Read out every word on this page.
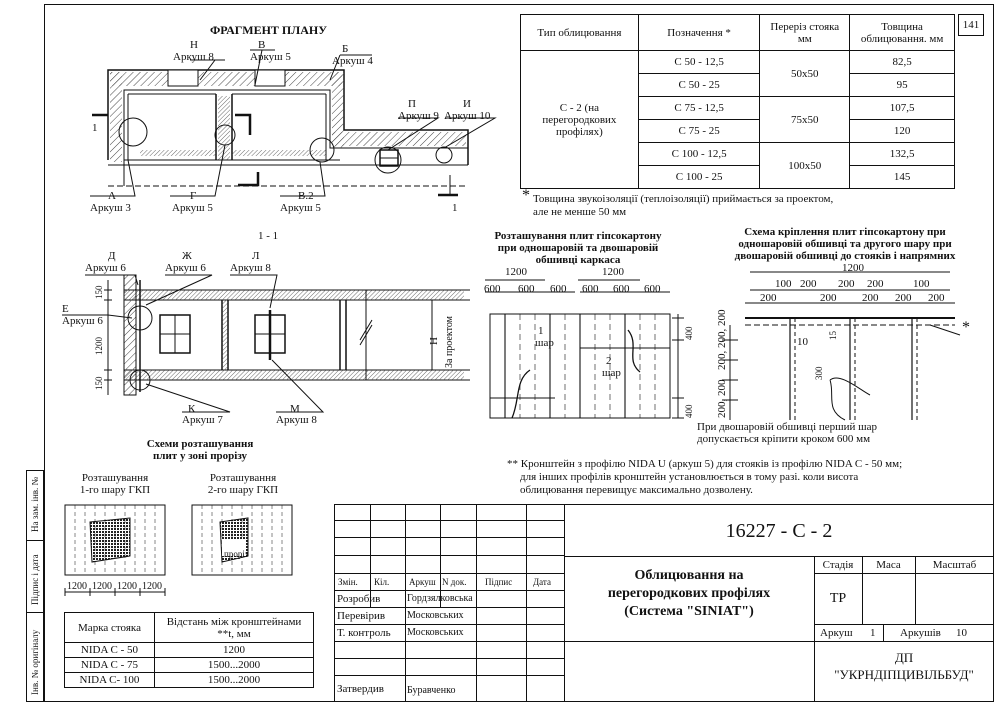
141
ФРАГМЕНТ ПЛАНУ
Н
Аркуш 8
В
Аркуш 5
Б
Аркуш 4
П
Аркуш 9
И
Аркуш 10
А
Аркуш 3
Г
Аркуш 5
В.2
Аркуш 5
1
1
1 - 1
Д
Аркуш 6
Ж
Аркуш 6
Л
Аркуш 8
Е
Аркуш 6
К
Аркуш 7
М
Аркуш 8
150
1200
150
Н За проектом
Тип облицювання	Позначення *	Переріз стояка мм	Товщина облицювання. мм
С - 2 (на перегородкових профілях)	С 50 - 12,5	50х50	82,5
	С 50 - 25		95
	С 75 - 12,5	75х50	107,5
	С 75 - 25		120
	С 100 - 12,5	100х50	132,5
	С 100 - 25		145
* Товщина звукоізоляції (теплоізоляції) приймається за проектом,
але не менше 50 мм
Розташування плит гіпсокартону
при одношаровій та двошаровій
обшивці каркаса
1200	1200
600 600 600 600 600 600
1
шар
2
шар
400
400
Схема кріплення плит гіпсокартону при
одношаровій обшивці та другого шару при
двошаровій обшивці до стояків і напрямних
1200
100	200	100
200
200
200
200
200 200 200
10
15
300
200, 200, 200
200, 200
*
При двошаровій обшивці перший шар
допускається кріпити кроком 600 мм
** Кронштейн з профілю NIDA U (аркуш 5) для стояків із профілю NIDA С - 50 мм;
для інших профілів кронштейн установлюється в тому разі. коли висота
облицювання перевищує максимально дозволену.
Схеми розташування
плит у зоні прорізу
Розташування
1-го шару ГКП
Розташування
2-го шару ГКП
проріз
1200 1200 1200 1200
Марка стояка	Відстань між кронштейнами **t, мм
NIDA С - 50	1200
NIDA С - 75	1500...2000
NIDA С- 100	1500...2000
Інв. № оригіналу
Підпис і дата
На зам. інв. №
Змін. Кіл. Аркуш N док. Підпис Дата
Розробив	Гордзялковська
Перевірив Московських
Т. контроль Московських
Затвердив Буравченко
16227 - С - 2
Облицювання на
перегородкових профілях
(Система "SINIAT")
Стадія	Маса	Масштаб
ТР
Аркуш 1 Аркушів 10
ДП
"УКРНДІПЦИВІЛЬБУД"
